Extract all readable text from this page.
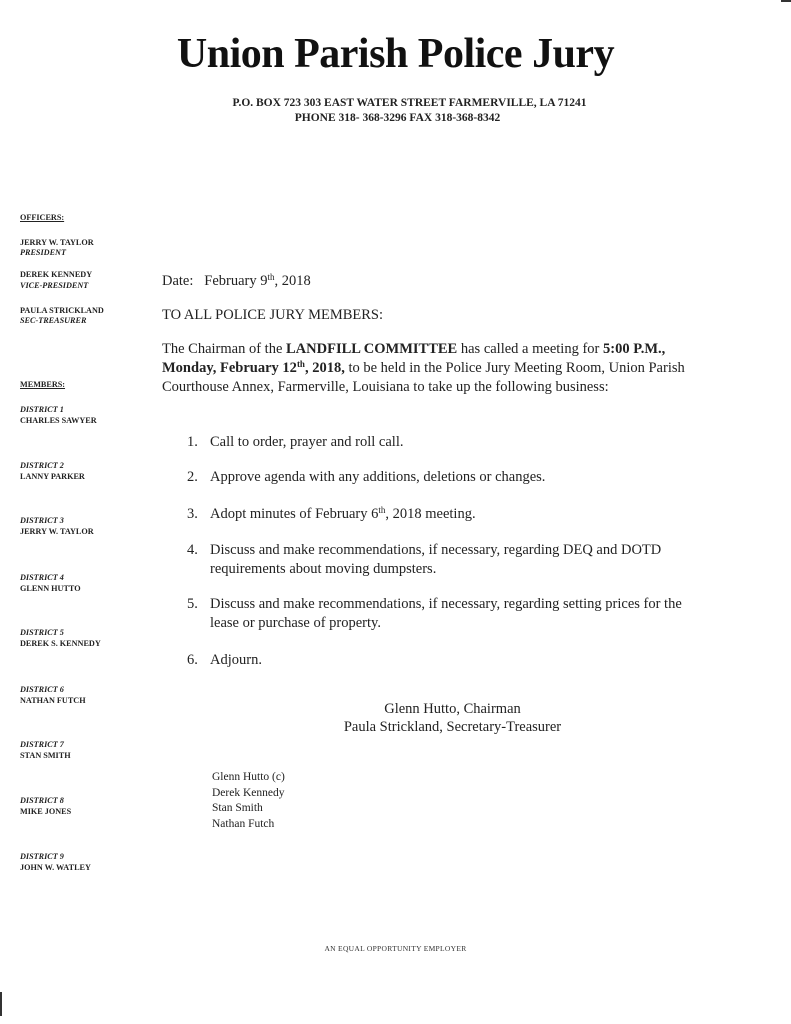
Union Parish Police Jury
P.O. BOX 723 303 EAST WATER STREET FARMERVILLE, LA 71241
PHONE 318- 368-3296 FAX 318-368-8342
OFFICERS:
JERRY W. TAYLOR
PRESIDENT
DEREK KENNEDY
VICE-PRESIDENT
PAULA STRICKLAND
SEC-TREASURER
MEMBERS:
DISTRICT 1
CHARLES SAWYER
DISTRICT 2
LANNY PARKER
DISTRICT 3
JERRY W. TAYLOR
DISTRICT 4
GLENN HUTTO
DISTRICT 5
DEREK S. KENNEDY
DISTRICT 6
NATHAN FUTCH
DISTRICT 7
STAN SMITH
DISTRICT 8
MIKE JONES
DISTRICT 9
JOHN W. WATLEY
Date: February 9th, 2018
TO ALL POLICE JURY MEMBERS:
The Chairman of the LANDFILL COMMITTEE has called a meeting for 5:00 P.M., Monday, February 12th, 2018, to be held in the Police Jury Meeting Room, Union Parish Courthouse Annex, Farmerville, Louisiana to take up the following business:
1. Call to order, prayer and roll call.
2. Approve agenda with any additions, deletions or changes.
3. Adopt minutes of February 6th, 2018 meeting.
4. Discuss and make recommendations, if necessary, regarding DEQ and DOTD requirements about moving dumpsters.
5. Discuss and make recommendations, if necessary, regarding setting prices for the lease or purchase of property.
6. Adjourn.
Glenn Hutto, Chairman
Paula Strickland, Secretary-Treasurer
Glenn Hutto (c)
Derek Kennedy
Stan Smith
Nathan Futch
AN EQUAL OPPORTUNITY EMPLOYER
